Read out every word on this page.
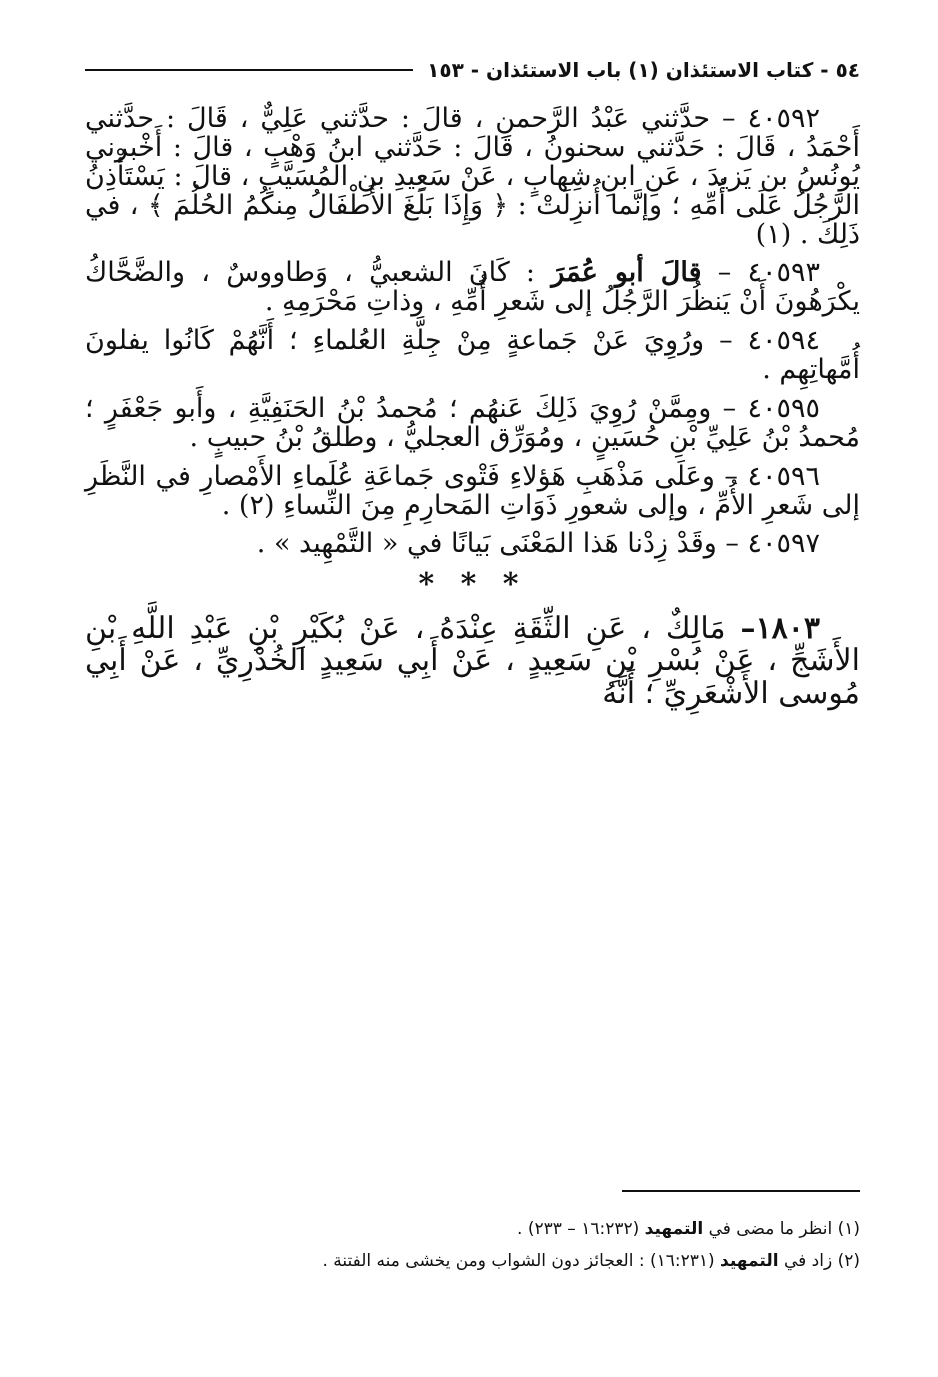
٥٤ - كتاب الاستئذان (١) باب الاستئذان - ١٥٣

٤٠٥٩٢ – حدَّثني عَبْدُ الرَّحمنِ ، قالَ : حدَّثني عَلِيٌّ ، قَالَ : حدَّثني أَحْمَدُ ، قَالَ : حَدَّثني سحنونُ ، قَالَ : حَدَّثني ابنُ وَهْبٍ ، قالَ : أَخْبرني يُونُسُ بن يَزيدَ ، عَنِ ابنِ شِهابٍ ، عَنْ سَعِيدِ بنِ المُسَيَّبِ ، قالَ : يَسْتَأْذِنُ الرَّجُلُ عَلَى أُمِّهِ ؛ وإنَّما أُنزِلَتْ : ﴿ وَإِذَا بَلَغَ الأَطْفَالُ مِنكُمُ الحُلُمَ ﴾ ، في ذَلِكَ . (١)

٤٠٥٩٣ – قالَ أبو عُمَرَ : كَانَ الشعبيُّ ، وَطاووسٌ ، والضَّحَّاكُ يكْرَهُونَ أَنْ يَنظُرَ الرَّجُلُ إلى شَعرِ أُمِّهِ ، وذاتِ مَحْرَمِهِ .

٤٠٥٩٤ – ورُوِيَ عَنْ جَماعةٍ مِنْ جِلَّةِ العُلماءِ ؛ أَنَّهُمْ كَانُوا يفلونَ أُمَّهاتِهِم .

٤٠٥٩٥ – ومِمَّنْ رُوِيَ ذَلِكَ عَنهُم ؛ مُحمدُ بْنُ الحَنَفِيَّةِ ، وأَبو جَعْفَرٍ ؛ مُحمدُ بْنُ عَلِيِّ بْنِ حُسَينٍ ، ومُوَرِّق العجليُّ ، وطلقُ بْنُ حبيبٍ .

٤٠٥٩٦ – وعَلَى مَذْهَبِ هَؤلاءِ فَتْوى جَماعَةِ عُلَماءِ الأَمْصارِ في النَّظَرِ إلى شَعرِ الأُمِّ ، وإلى شعورِ ذَوَاتِ المَحارِمِ مِنَ النِّساءِ (٢) .

٤٠٥٩٧ – وقَدْ زِدْنا هَذا المَعْنَى بَيانًا في « التَّمْهِيد » .

* * *

١٨٠٣– مَالِكٌ ، عَنِ الثِّقَةِ عِنْدَهُ ، عَنْ بُكَيْرِ بْنِ عَبْدِ اللَّهِ بْنِ الأَشَجِّ ، عَنْ بُسْرِ بْنِ سَعِيدٍ ، عَنْ أَبِي سَعِيدٍ الخُدْرِيِّ ، عَنْ أَبِي مُوسى الأَشْعَرِيِّ ؛ أَنَّهُ

(١) انظر ما مضى في التمهيد (١٦:٢٣٢ – ٢٣٣) .

(٢) زاد في التمهيد (١٦:٢٣١) : العجائز دون الشواب ومن يخشى منه الفتنة .
